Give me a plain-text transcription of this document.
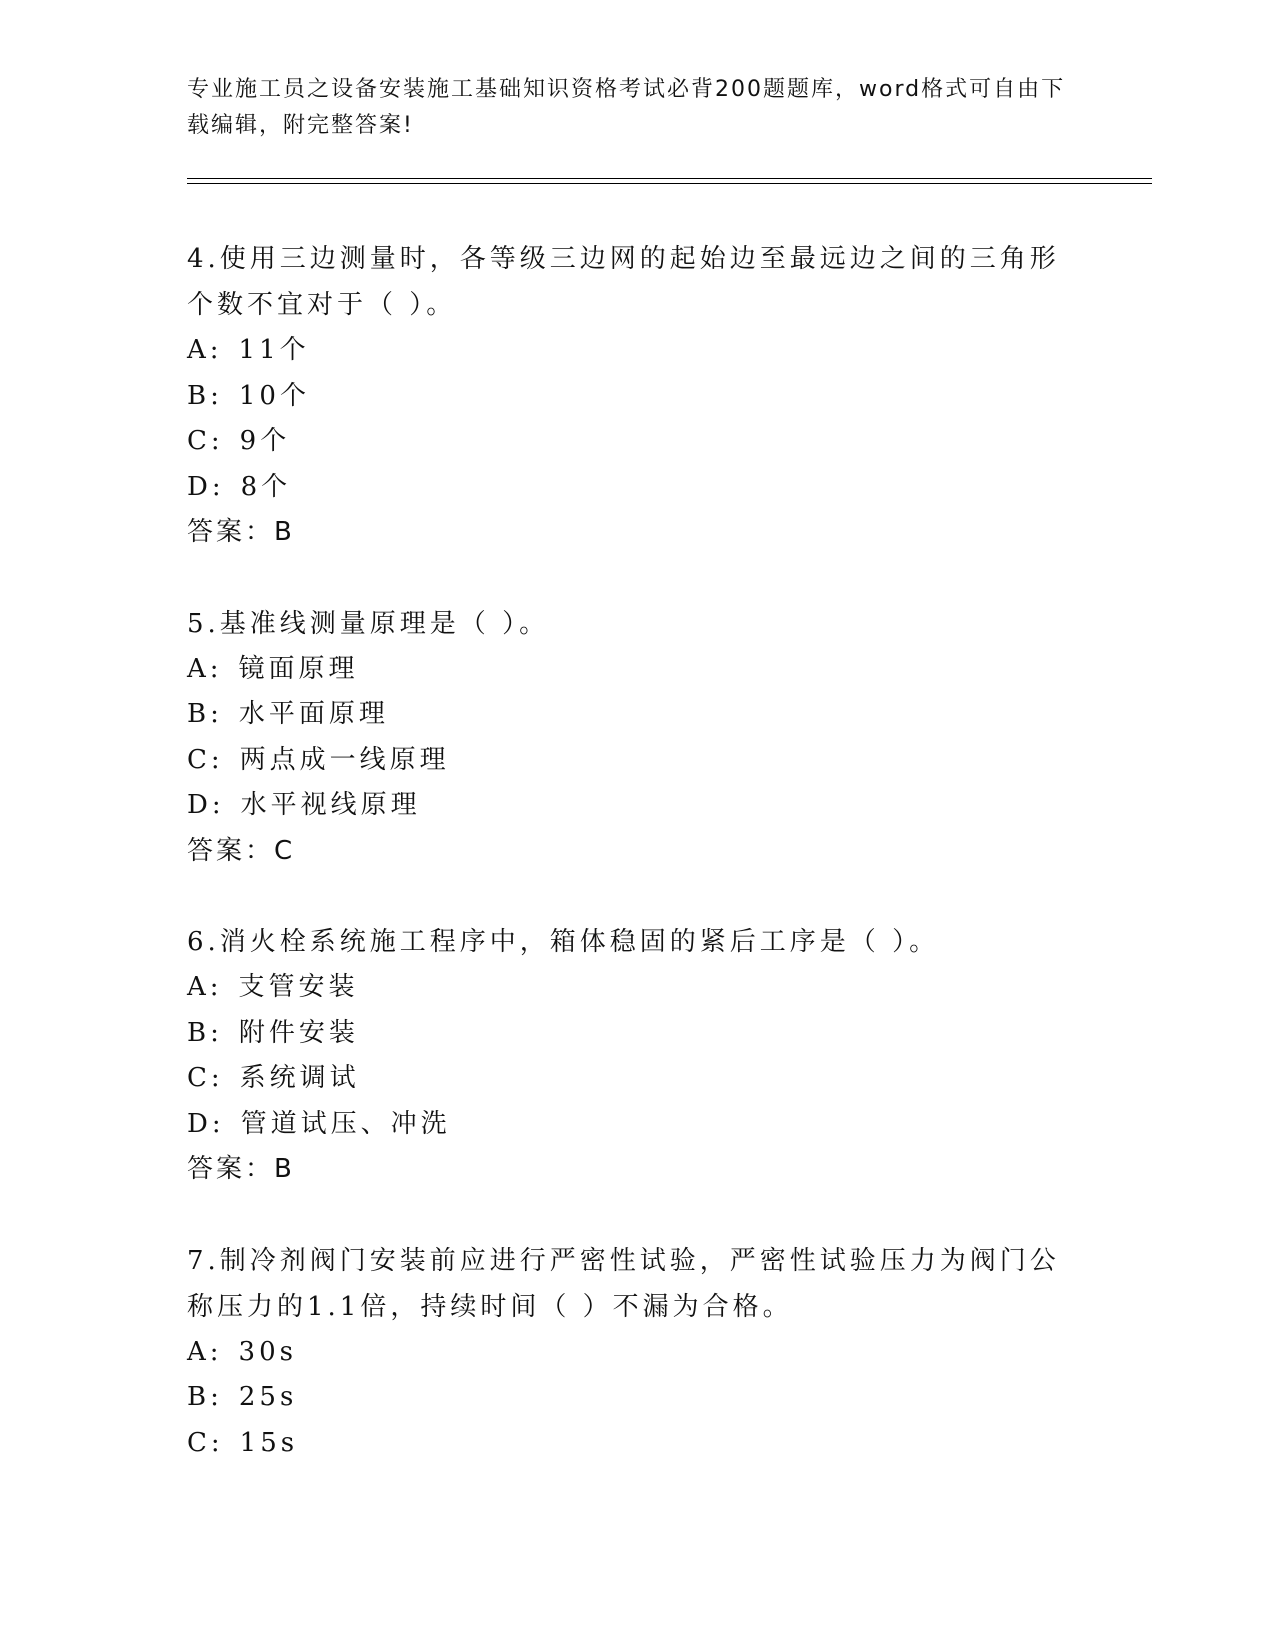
专业施工员之设备安装施工基础知识资格考试必背200题题库，word格式可自由下载编辑，附完整答案!

4.使用三边测量时，各等级三边网的起始边至最远边之间的三角形个数不宜对于（ ）。

A: 11个

B: 10个

C: 9个

D: 8个

答案：B

5.基准线测量原理是（ ）。

A: 镜面原理

B: 水平面原理

C: 两点成一线原理

D: 水平视线原理

答案：C

6.消火栓系统施工程序中，箱体稳固的紧后工序是（ ）。

A: 支管安装

B: 附件安装

C: 系统调试

D: 管道试压、冲洗

答案：B

7.制冷剂阀门安装前应进行严密性试验，严密性试验压力为阀门公称压力的1.1倍，持续时间（ ）不漏为合格。

A: 30s

B: 25s

C: 15s
